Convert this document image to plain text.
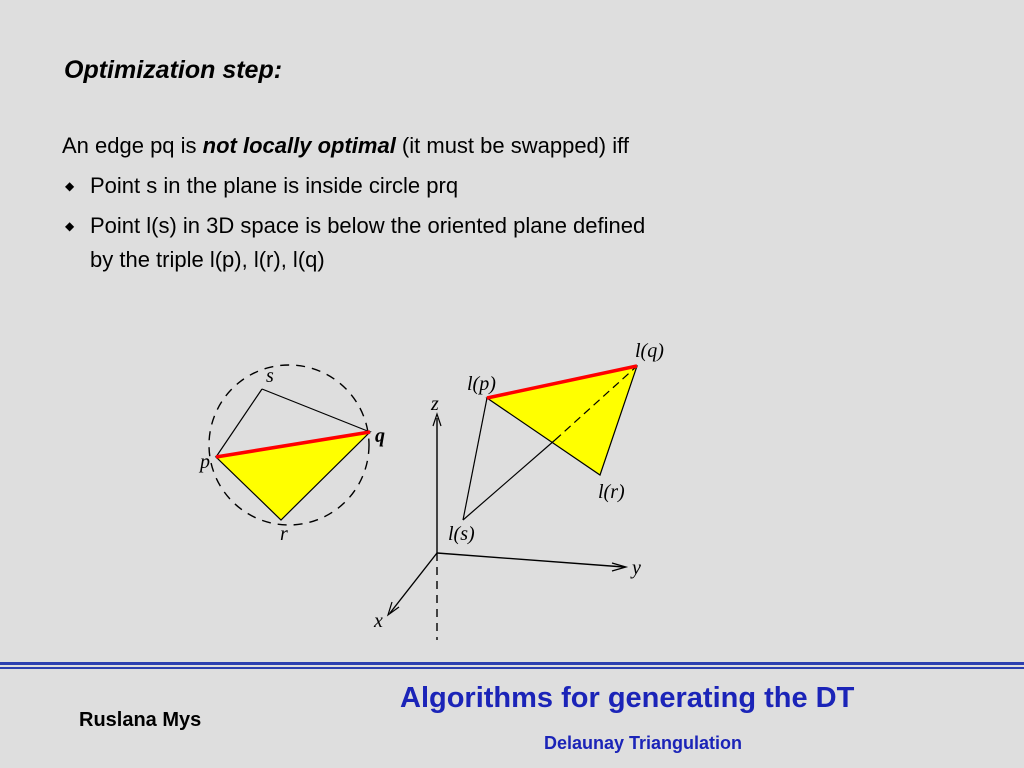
Optimization step:
An edge pq is not locally optimal (it must be swapped) iff
◆ Point s in the plane is inside circle prq
◆ Point l(s) in 3D space is below the oriented plane defined
by the triple l(p), l(r), l(q)
s
p
q
r
l(p)
l(q)
l(r)
l(s)
z
y
x
Ruslana Mys
Algorithms for generating the DT
Delaunay Triangulation
